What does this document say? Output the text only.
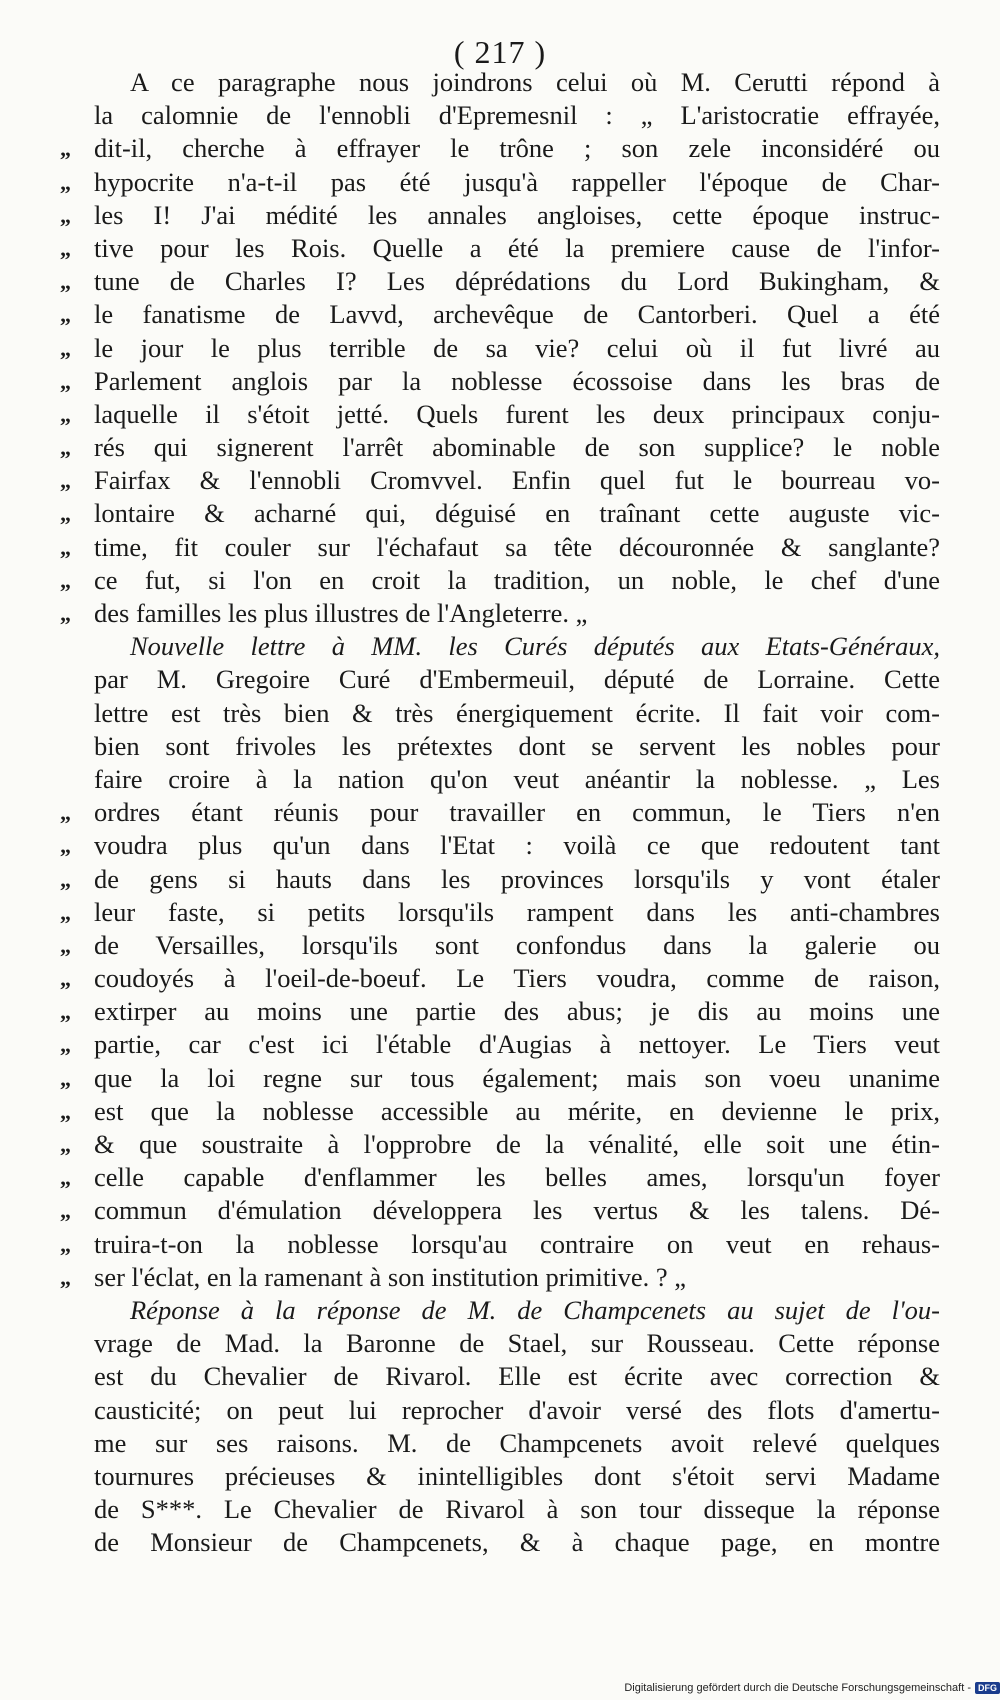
( 217 )
A ce paragraphe nous joindrons celui où M. Cerutti répond à
la calomnie de l'ennobli d'Epremesnil : „ L'aristocratie effrayée,
„ dit-il, cherche à effrayer le trône ; son zele inconsidéré ou
„ hypocrite n'a-t-il pas été jusqu'à rappeller l'époque de Char-
„ les I! J'ai médité les annales angloises, cette époque instruc-
„ tive pour les Rois. Quelle a été la premiere cause de l'infor-
„ tune de Charles I? Les déprédations du Lord Bukingham, &
„ le fanatisme de Lavvd, archevêque de Cantorberi. Quel a été
„ le jour le plus terrible de sa vie? celui où il fut livré au
„ Parlement anglois par la noblesse écossoise dans les bras de
„ laquelle il s'étoit jetté. Quels furent les deux principaux conju-
„ rés qui signerent l'arrêt abominable de son supplice? le noble
„ Fairfax & l'ennobli Cromvvel. Enfin quel fut le bourreau vo-
„ lontaire & acharné qui, déguisé en traînant cette auguste vic-
„ time, fit couler sur l'échafaut sa tête découronnée & sanglante?
„ ce fut, si l'on en croit la tradition, un noble, le chef d'une
„ des familles les plus illustres de l'Angleterre. „
Nouvelle lettre à MM. les Curés députés aux Etats-Généraux,
par M. Gregoire Curé d'Embermeuil, député de Lorraine. Cette
lettre est très bien & très énergiquement écrite. Il fait voir com-
bien sont frivoles les prétextes dont se servent les nobles pour
faire croire à la nation qu'on veut anéantir la noblesse. „ Les
„ ordres étant réunis pour travailler en commun, le Tiers n'en
„ voudra plus qu'un dans l'Etat : voilà ce que redoutent tant
„ de gens si hauts dans les provinces lorsqu'ils y vont étaler
„ leur faste, si petits lorsqu'ils rampent dans les anti-chambres
„ de Versailles, lorsqu'ils sont confondus dans la galerie ou
„ coudoyés à l'oeil-de-boeuf. Le Tiers voudra, comme de raison,
„ extirper au moins une partie des abus; je dis au moins une
„ partie, car c'est ici l'étable d'Augias à nettoyer. Le Tiers veut
„ que la loi regne sur tous également; mais son voeu unanime
„ est que la noblesse accessible au mérite, en devienne le prix,
„ & que soustraite à l'opprobre de la vénalité, elle soit une étin-
„ celle capable d'enflammer les belles ames, lorsqu'un foyer
„ commun d'émulation développera les vertus & les talens. Dé-
„ truira-t-on la noblesse lorsqu'au contraire on veut en rehaus-
„ ser l'éclat, en la ramenant à son institution primitive. ? „
Réponse à la réponse de M. de Champcenets au sujet de l'ou-
vrage de Mad. la Baronne de Stael, sur Rousseau. Cette réponse
est du Chevalier de Rivarol. Elle est écrite avec correction &
causticité; on peut lui reprocher d'avoir versé des flots d'amertu-
me sur ses raisons. M. de Champcenets avoit relevé quelques
tournures précieuses & inintelligibles dont s'étoit servi Madame
de S***. Le Chevalier de Rivarol à son tour disseque la réponse
de Monsieur de Champcenets, & à chaque page, en montre
Digitalisierung gefördert durch die Deutsche Forschungsgemeinschaft - DFG
